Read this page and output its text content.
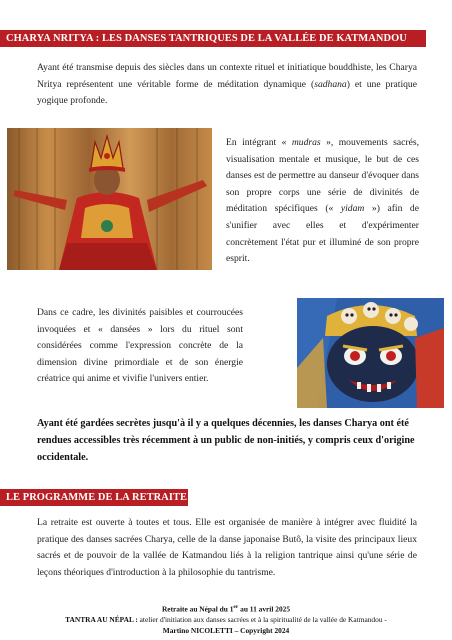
CHARYA NRITYA : LES DANSES TANTRIQUES DE LA VALLÉE DE KATMANDOU

Ayant été transmise depuis des siècles dans un contexte rituel et initiatique bouddhiste, les Charya Nritya représentent une véritable forme de méditation dynamique (sadhana) et une pratique yogique profonde.

En intégrant « mudras », mouvements sacrés, visualisation mentale et musique, le but de ces danses est de permettre au danseur d'évoquer dans son propre corps une série de divinités de méditation spécifiques (« yidam ») afin de s'unifier avec elles et d'expérimenter concrètement l'état pur et illuminé de son propre esprit.

Dans ce cadre, les divinités paisibles et courroucées invoquées et « dansées » lors du rituel sont considérées comme l'expression concrète de la dimension divine primordiale et de son énergie créatrice qui anime et vivifie l'univers entier.

Ayant été gardées secrètes jusqu'à il y a quelques décennies, les danses Charya ont été rendues accessibles très récemment à un public de non-initiés, y compris ceux d'origine occidentale.

LE PROGRAMME DE LA RETRAITE

La retraite est ouverte à toutes et tous. Elle est organisée de manière à intégrer avec fluidité la pratique des danses sacrées Charya, celle de la danse japonaise Butô, la visite des principaux lieux sacrés et de pouvoir de la vallée de Katmandou liés à la religion tantrique ainsi qu'une série de leçons théoriques d'introduction à la philosophie du tantrisme.

Retraite au Népal du 1er au 11 avril 2025
TANTRA AU NÉPAL : atelier d'initiation aux danses sacrées et à la spiritualité de la vallée de Katmandou -
Martino NICOLETTI – Copyright 2024
